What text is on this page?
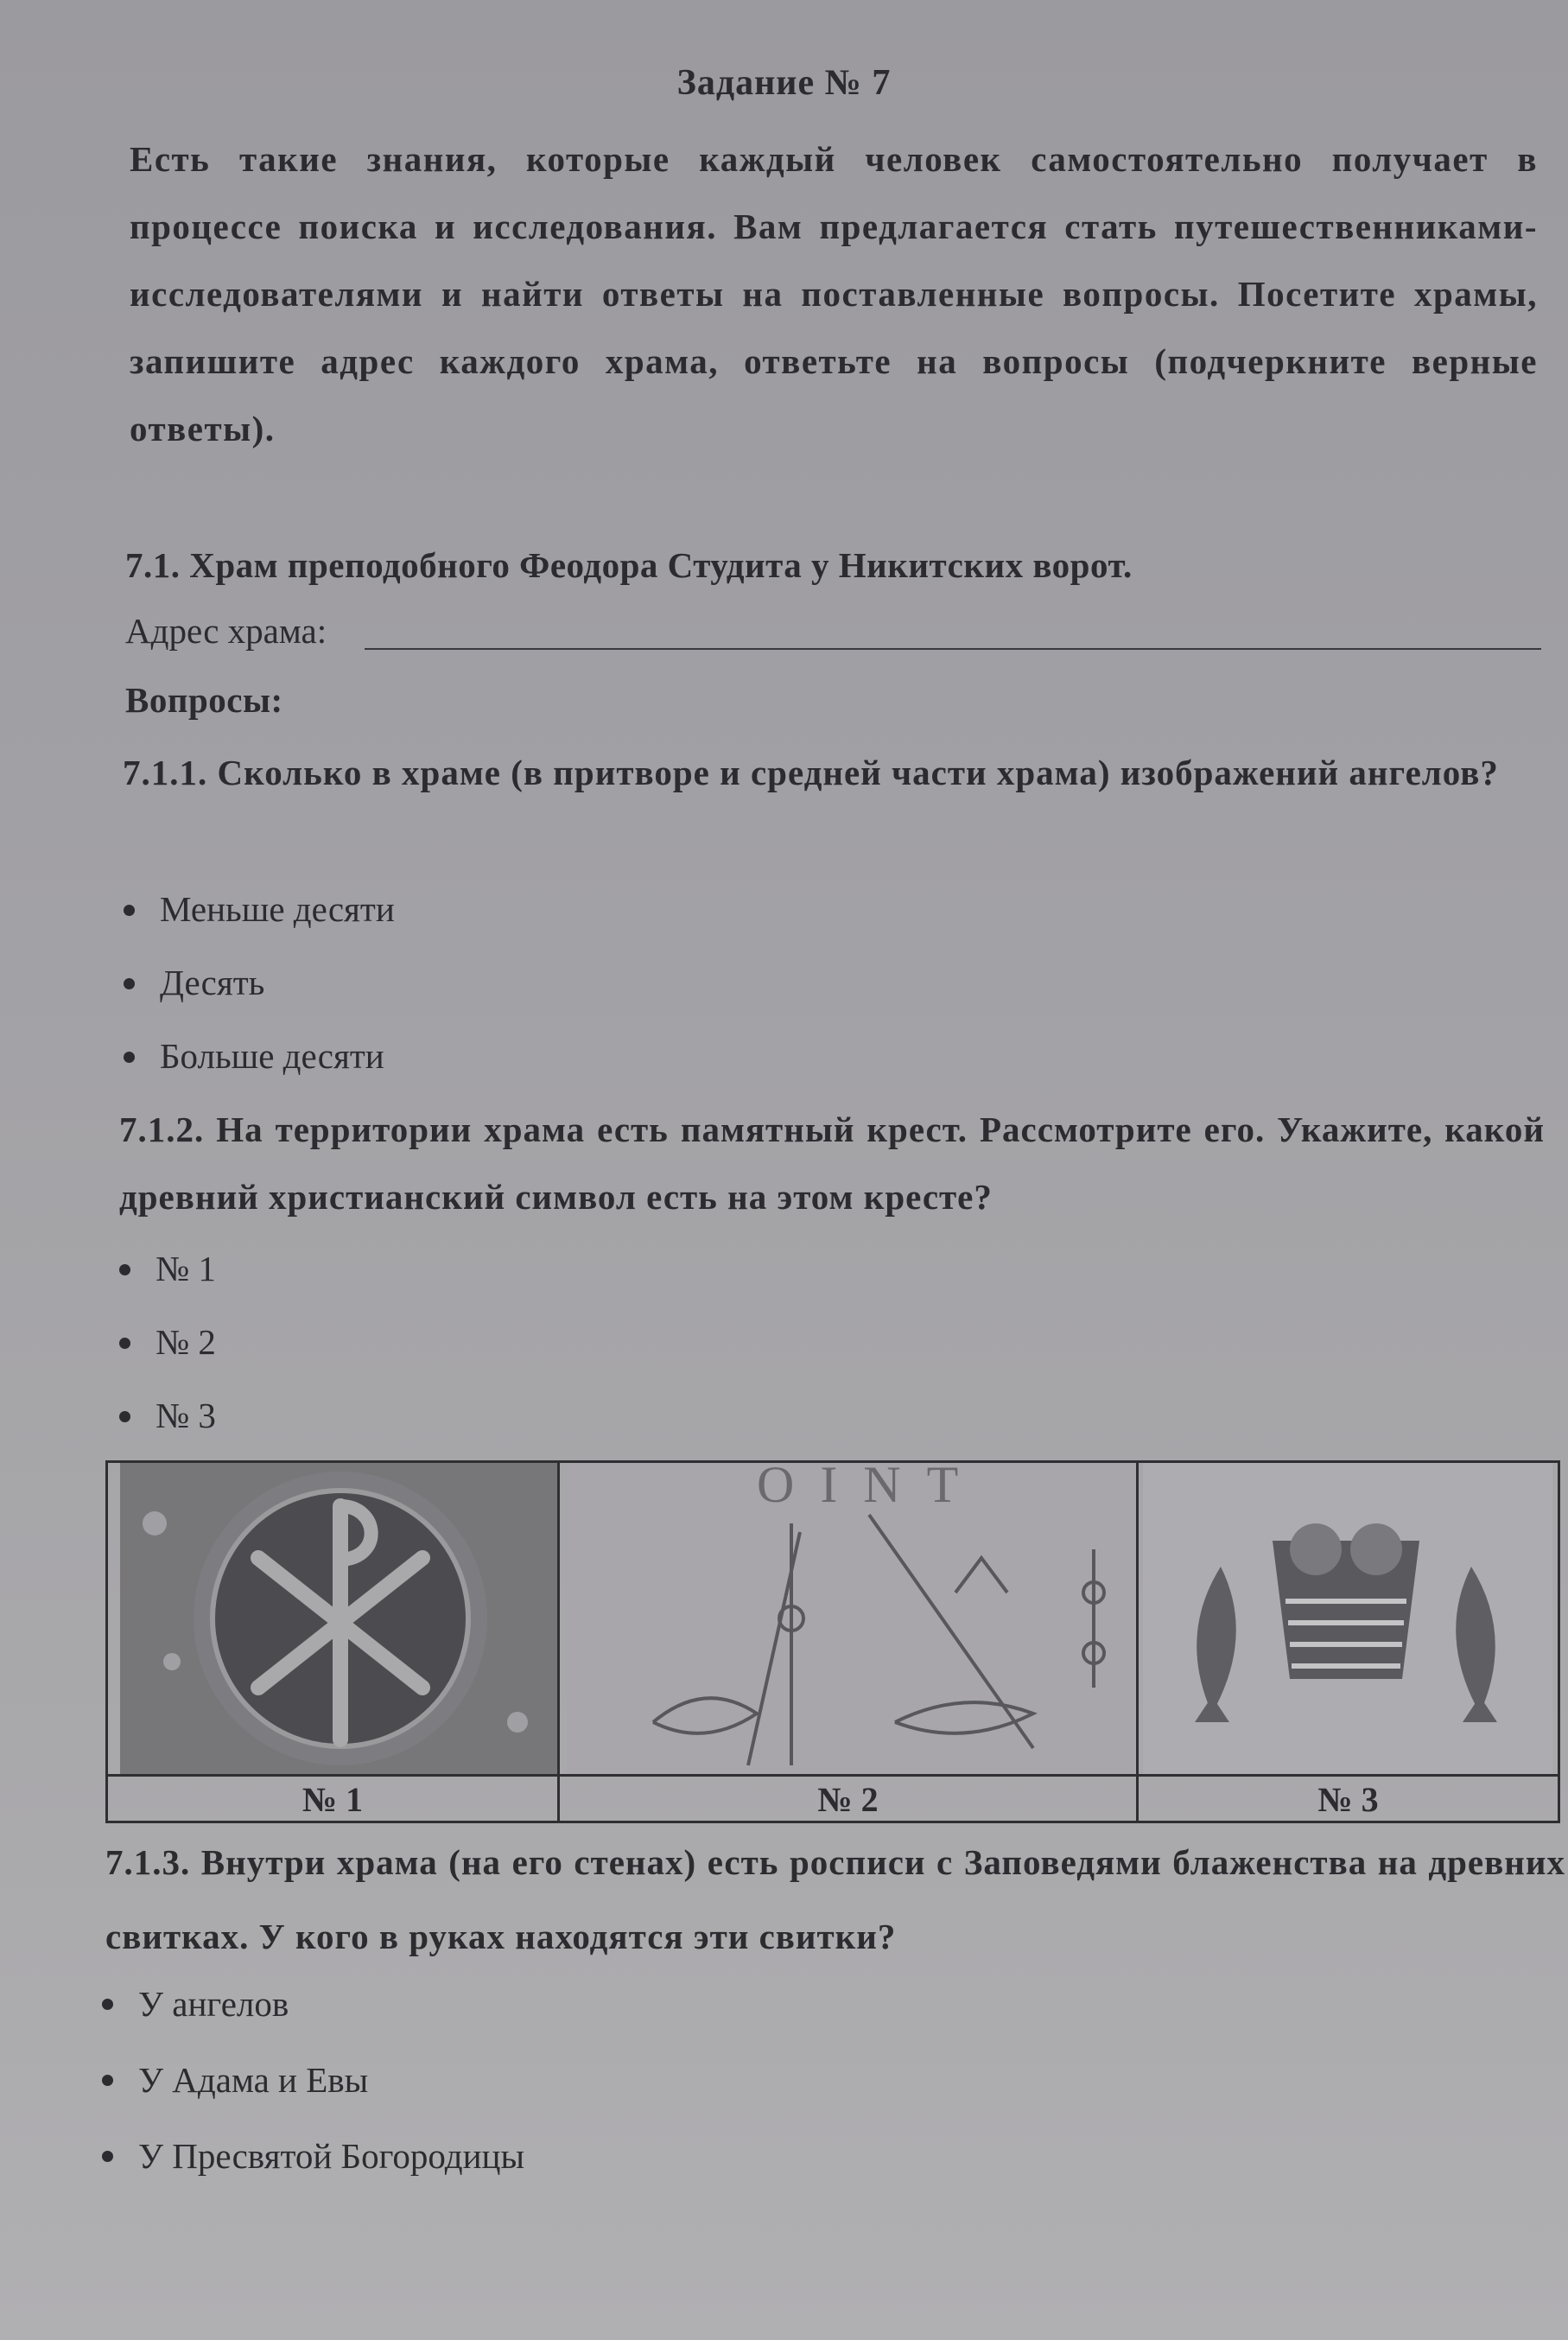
Задание № 7
Есть такие знания, которые каждый человек самостоятельно получает в процессе поиска и исследования. Вам предлагается стать путешественниками-исследователями и найти ответы на поставленные вопросы. Посетите храмы, запишите адрес каждого храма, ответьте на вопросы (подчеркните верные ответы).
7.1. Храм преподобного Феодора Студита у Никитских ворот.
Адрес храма:
Вопросы:
7.1.1. Сколько в храме (в притворе и средней части храма) изображений ангелов?
Меньше десяти
Десять
Больше десяти
7.1.2. На территории храма есть памятный крест. Рассмотрите его. Укажите, какой древний христианский символ есть на этом кресте?
№ 1
№ 2
№ 3
ΟΙΝΤ
№ 1	№ 2	№ 3
7.1.3. Внутри храма (на его стенах) есть росписи с Заповедями блаженства на древних свитках. У кого в руках находятся эти свитки?
У ангелов
У Адама и Евы
У Пресвятой Богородицы
